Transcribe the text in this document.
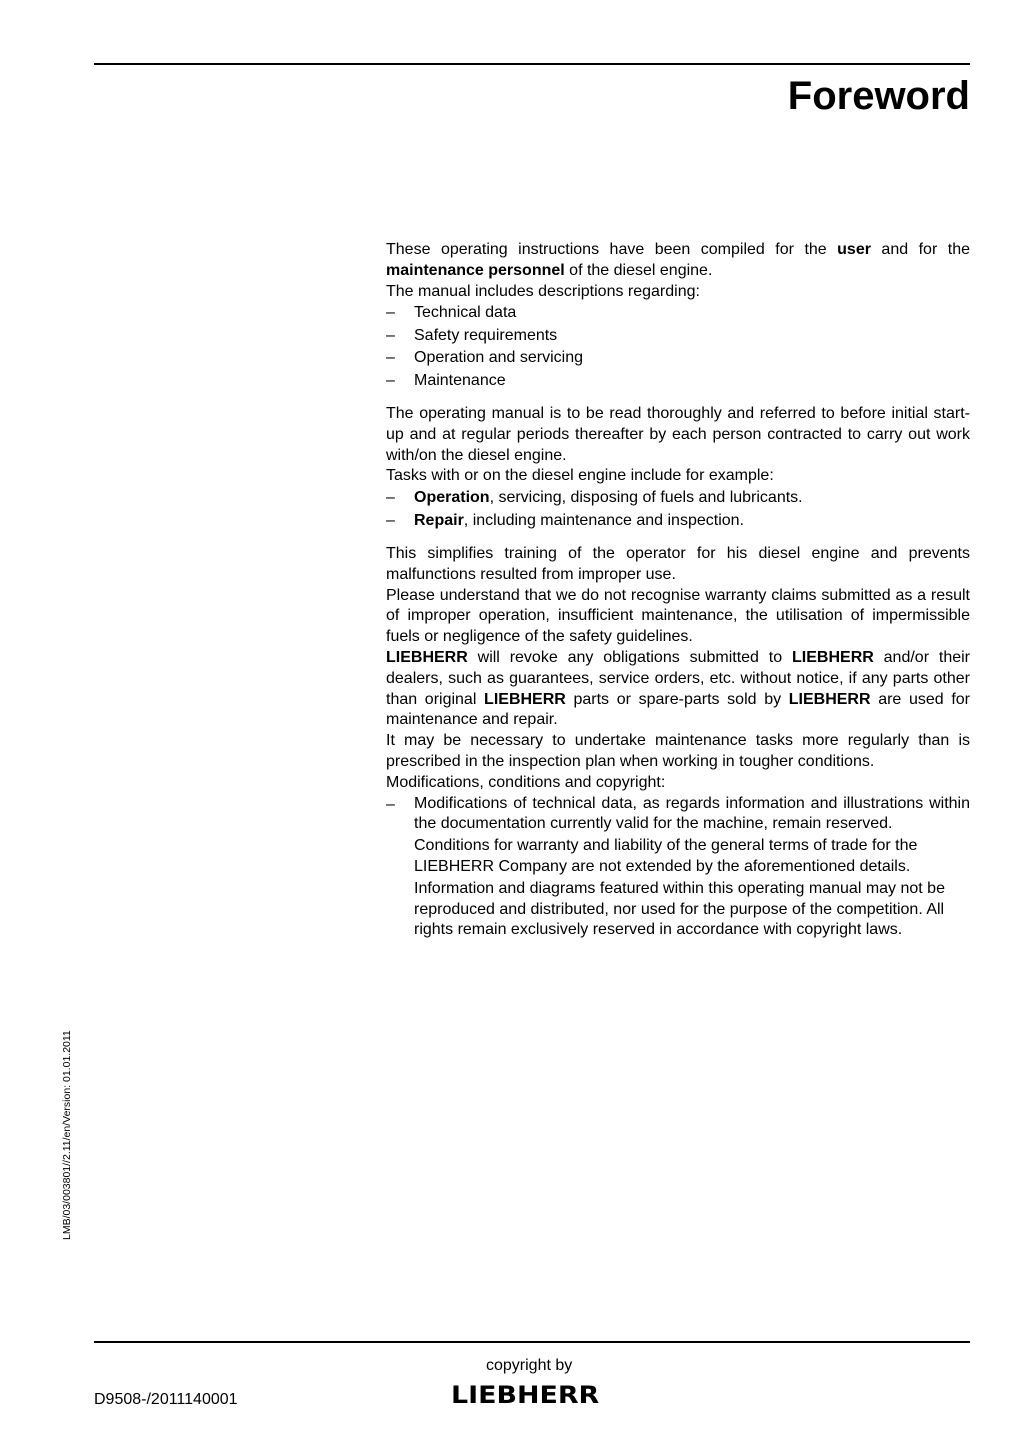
Foreword

These operating instructions have been compiled for the user and for the maintenance personnel of the diesel engine.

The manual includes descriptions regarding:

– Technical data
– Safety requirements
– Operation and servicing
– Maintenance

The operating manual is to be read thoroughly and referred to before initial start-up and at regular periods thereafter by each person contracted to carry out work with/on the diesel engine.

Tasks with or on the diesel engine include for example:

– Operation, servicing, disposing of fuels and lubricants.
– Repair, including maintenance and inspection.

This simplifies training of the operator for his diesel engine and prevents malfunctions resulted from improper use.

Please understand that we do not recognise warranty claims submitted as a result of improper operation, insufficient maintenance, the utilisation of impermissible fuels or negligence of the safety guidelines.

LIEBHERR will revoke any obligations submitted to LIEBHERR and/or their dealers, such as guarantees, service orders, etc. without notice, if any parts other than original LIEBHERR parts or spare-parts sold by LIEBHERR are used for maintenance and repair.

It may be necessary to undertake maintenance tasks more regularly than is prescribed in the inspection plan when working in tougher conditions.

Modifications, conditions and copyright:

– Modifications of technical data, as regards information and illustrations within the documentation currently valid for the machine, remain reserved.

Conditions for warranty and liability of the general terms of trade for the LIEBHERR Company are not extended by the aforementioned details.

Information and diagrams featured within this operating manual may not be reproduced and distributed, nor used for the purpose of the competition. All rights remain exclusively reserved in accordance with copyright laws.

LMB/03/003801//2.11/en/Version: 01.01.2011
copyright by
LIEBHERR
D9508-/2011140001
